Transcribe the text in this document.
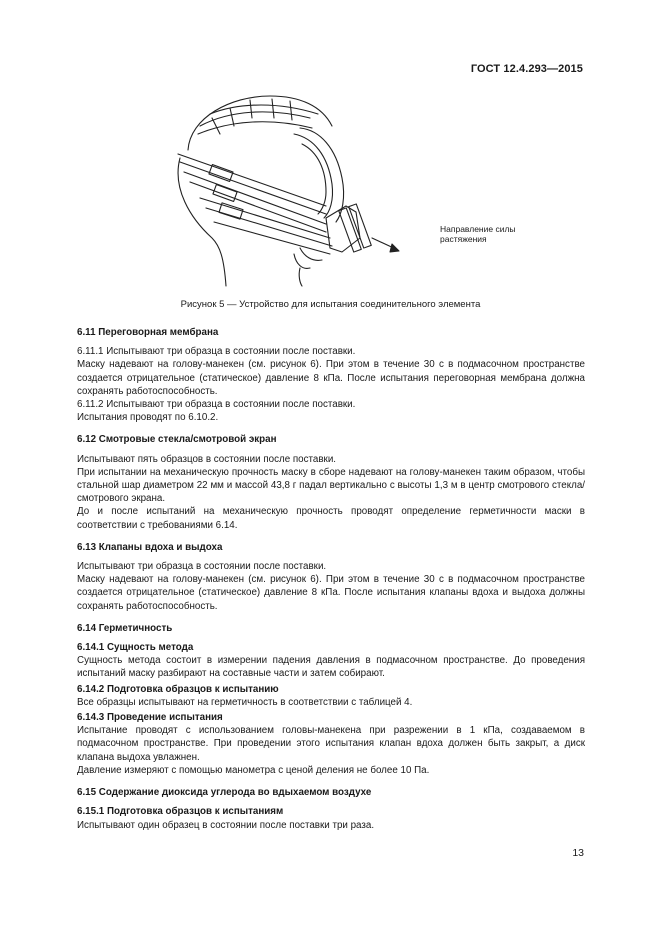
ГОСТ 12.4.293—2015
Направление силы
растяжения
Рисунок 5 — Устройство для испытания соединительного элемента

6.11 Переговорная мембрана

6.11.1 Испытывают три образца в состоянии после поставки.

Маску надевают на голову-манекен (см. рисунок 6). При этом в течение 30 с в подмасочном пространстве создается отрицательное (статическое) давление 8 кПа. После испытания переговорная мембрана должна сохранять работоспособность.

6.11.2 Испытывают три образца в состоянии после поставки.

Испытания проводят по 6.10.2.

6.12 Смотровые стекла/смотровой экран

Испытывают пять образцов в состоянии после поставки.

При испытании на механическую прочность маску в сборе надевают на голову-манекен таким образом, чтобы стальной шар диаметром 22 мм и массой 43,8 г падал вертикально с высоты 1,3 м в центр смотрового стекла/смотрового экрана.

До и после испытаний на механическую прочность проводят определение герметичности маски в соответствии с требованиями 6.14.

6.13 Клапаны вдоха и выдоха

Испытывают три образца в состоянии после поставки.

Маску надевают на голову-манекен (см. рисунок 6). При этом в течение 30 с в подмасочном пространстве создается отрицательное (статическое) давление 8 кПа. После испытания клапаны вдоха и выдоха должны сохранять работоспособность.

6.14 Герметичность

6.14.1 Сущность метода

Сущность метода состоит в измерении падения давления в подмасочном пространстве. До проведения испытаний маску разбирают на составные части и затем собирают.

6.14.2 Подготовка образцов к испытанию

Все образцы испытывают на герметичность в соответствии с таблицей 4.

6.14.3 Проведение испытания

Испытание проводят с использованием головы-манекена при разрежении в 1 кПа, создаваемом в подмасочном пространстве. При проведении этого испытания клапан вдоха должен быть закрыт, а диск клапана выдоха увлажнен.

Давление измеряют с помощью манометра с ценой деления не более 10 Па.

6.15 Содержание диоксида углерода во вдыхаемом воздухе

6.15.1 Подготовка образцов к испытаниям

Испытывают один образец в состоянии после поставки три раза.

13
